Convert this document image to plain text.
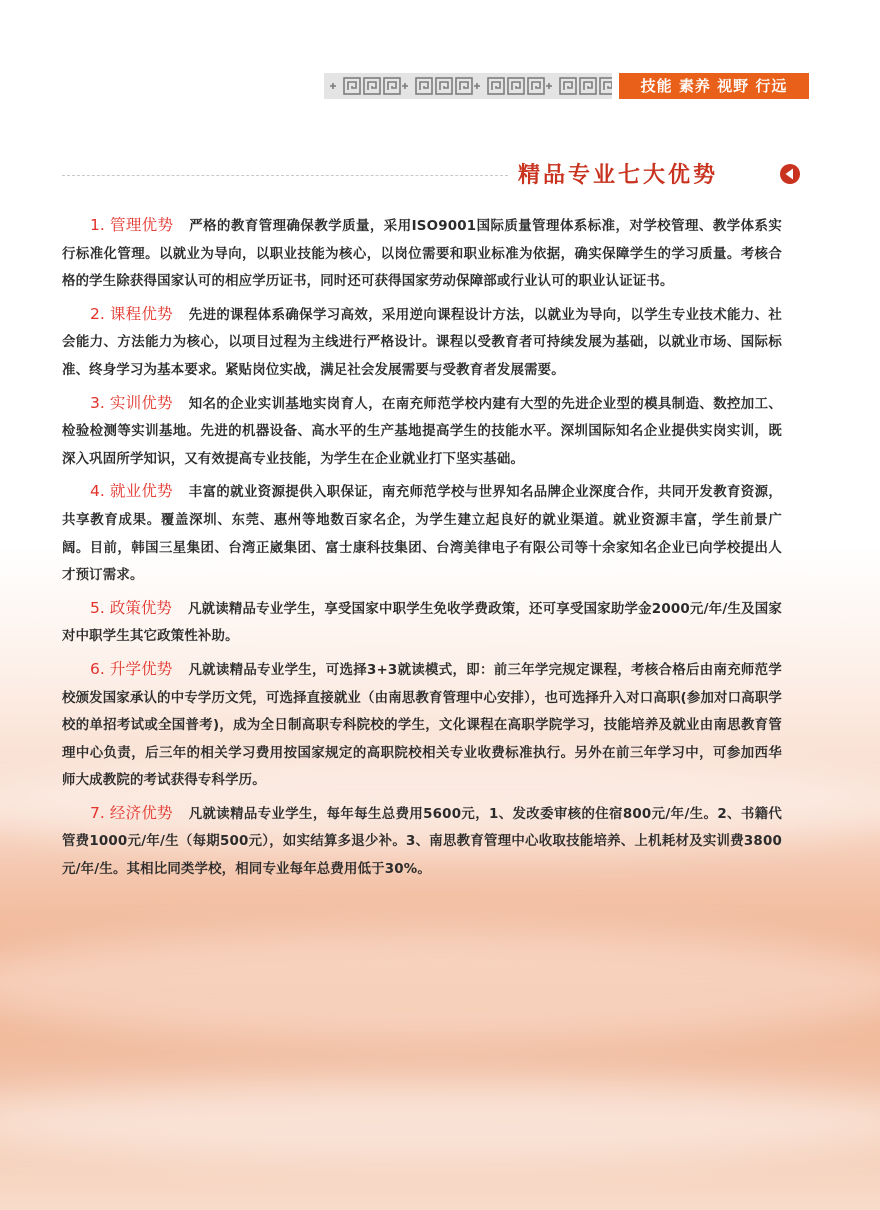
技能 素养 视野 行远
精品专业七大优势

1. 管理优势 严格的教育管理确保教学质量，采用ISO9001国际质量管理体系标准，对学校管理、教学体系实行标准化管理。以就业为导向，以职业技能为核心，以岗位需要和职业标准为依据，确实保障学生的学习质量。考核合格的学生除获得国家认可的相应学历证书，同时还可获得国家劳动保障部或行业认可的职业认证证书。

2. 课程优势 先进的课程体系确保学习高效，采用逆向课程设计方法，以就业为导向，以学生专业技术能力、社会能力、方法能力为核心，以项目过程为主线进行严格设计。课程以受教育者可持续发展为基础，以就业市场、国际标准、终身学习为基本要求。紧贴岗位实战，满足社会发展需要与受教育者发展需要。

3. 实训优势 知名的企业实训基地实岗育人，在南充师范学校内建有大型的先进企业型的模具制造、数控加工、检验检测等实训基地。先进的机器设备、高水平的生产基地提高学生的技能水平。深圳国际知名企业提供实岗实训，既深入巩固所学知识，又有效提高专业技能，为学生在企业就业打下坚实基础。

4. 就业优势 丰富的就业资源提供入职保证，南充师范学校与世界知名品牌企业深度合作，共同开发教育资源，共享教育成果。覆盖深圳、东莞、惠州等地数百家名企，为学生建立起良好的就业渠道。就业资源丰富，学生前景广阔。目前，韩国三星集团、台湾正崴集团、富士康科技集团、台湾美律电子有限公司等十余家知名企业已向学校提出人才预订需求。

5. 政策优势 凡就读精品专业学生，享受国家中职学生免收学费政策，还可享受国家助学金2000元/年/生及国家对中职学生其它政策性补助。

6. 升学优势 凡就读精品专业学生，可选择3+3就读模式，即：前三年学完规定课程，考核合格后由南充师范学校颁发国家承认的中专学历文凭，可选择直接就业（由南思教育管理中心安排），也可选择升入对口高职(参加对口高职学校的单招考试或全国普考)，成为全日制高职专科院校的学生，文化课程在高职学院学习，技能培养及就业由南思教育管理中心负责，后三年的相关学习费用按国家规定的高职院校相关专业收费标准执行。另外在前三年学习中，可参加西华师大成教院的考试获得专科学历。

7. 经济优势 凡就读精品专业学生，每年每生总费用5600元，1、发改委审核的住宿800元/年/生。2、书籍代管费1000元/年/生（每期500元），如实结算多退少补。3、南思教育管理中心收取技能培养、上机耗材及实训费3800元/年/生。其相比同类学校，相同专业每年总费用低于30%。
